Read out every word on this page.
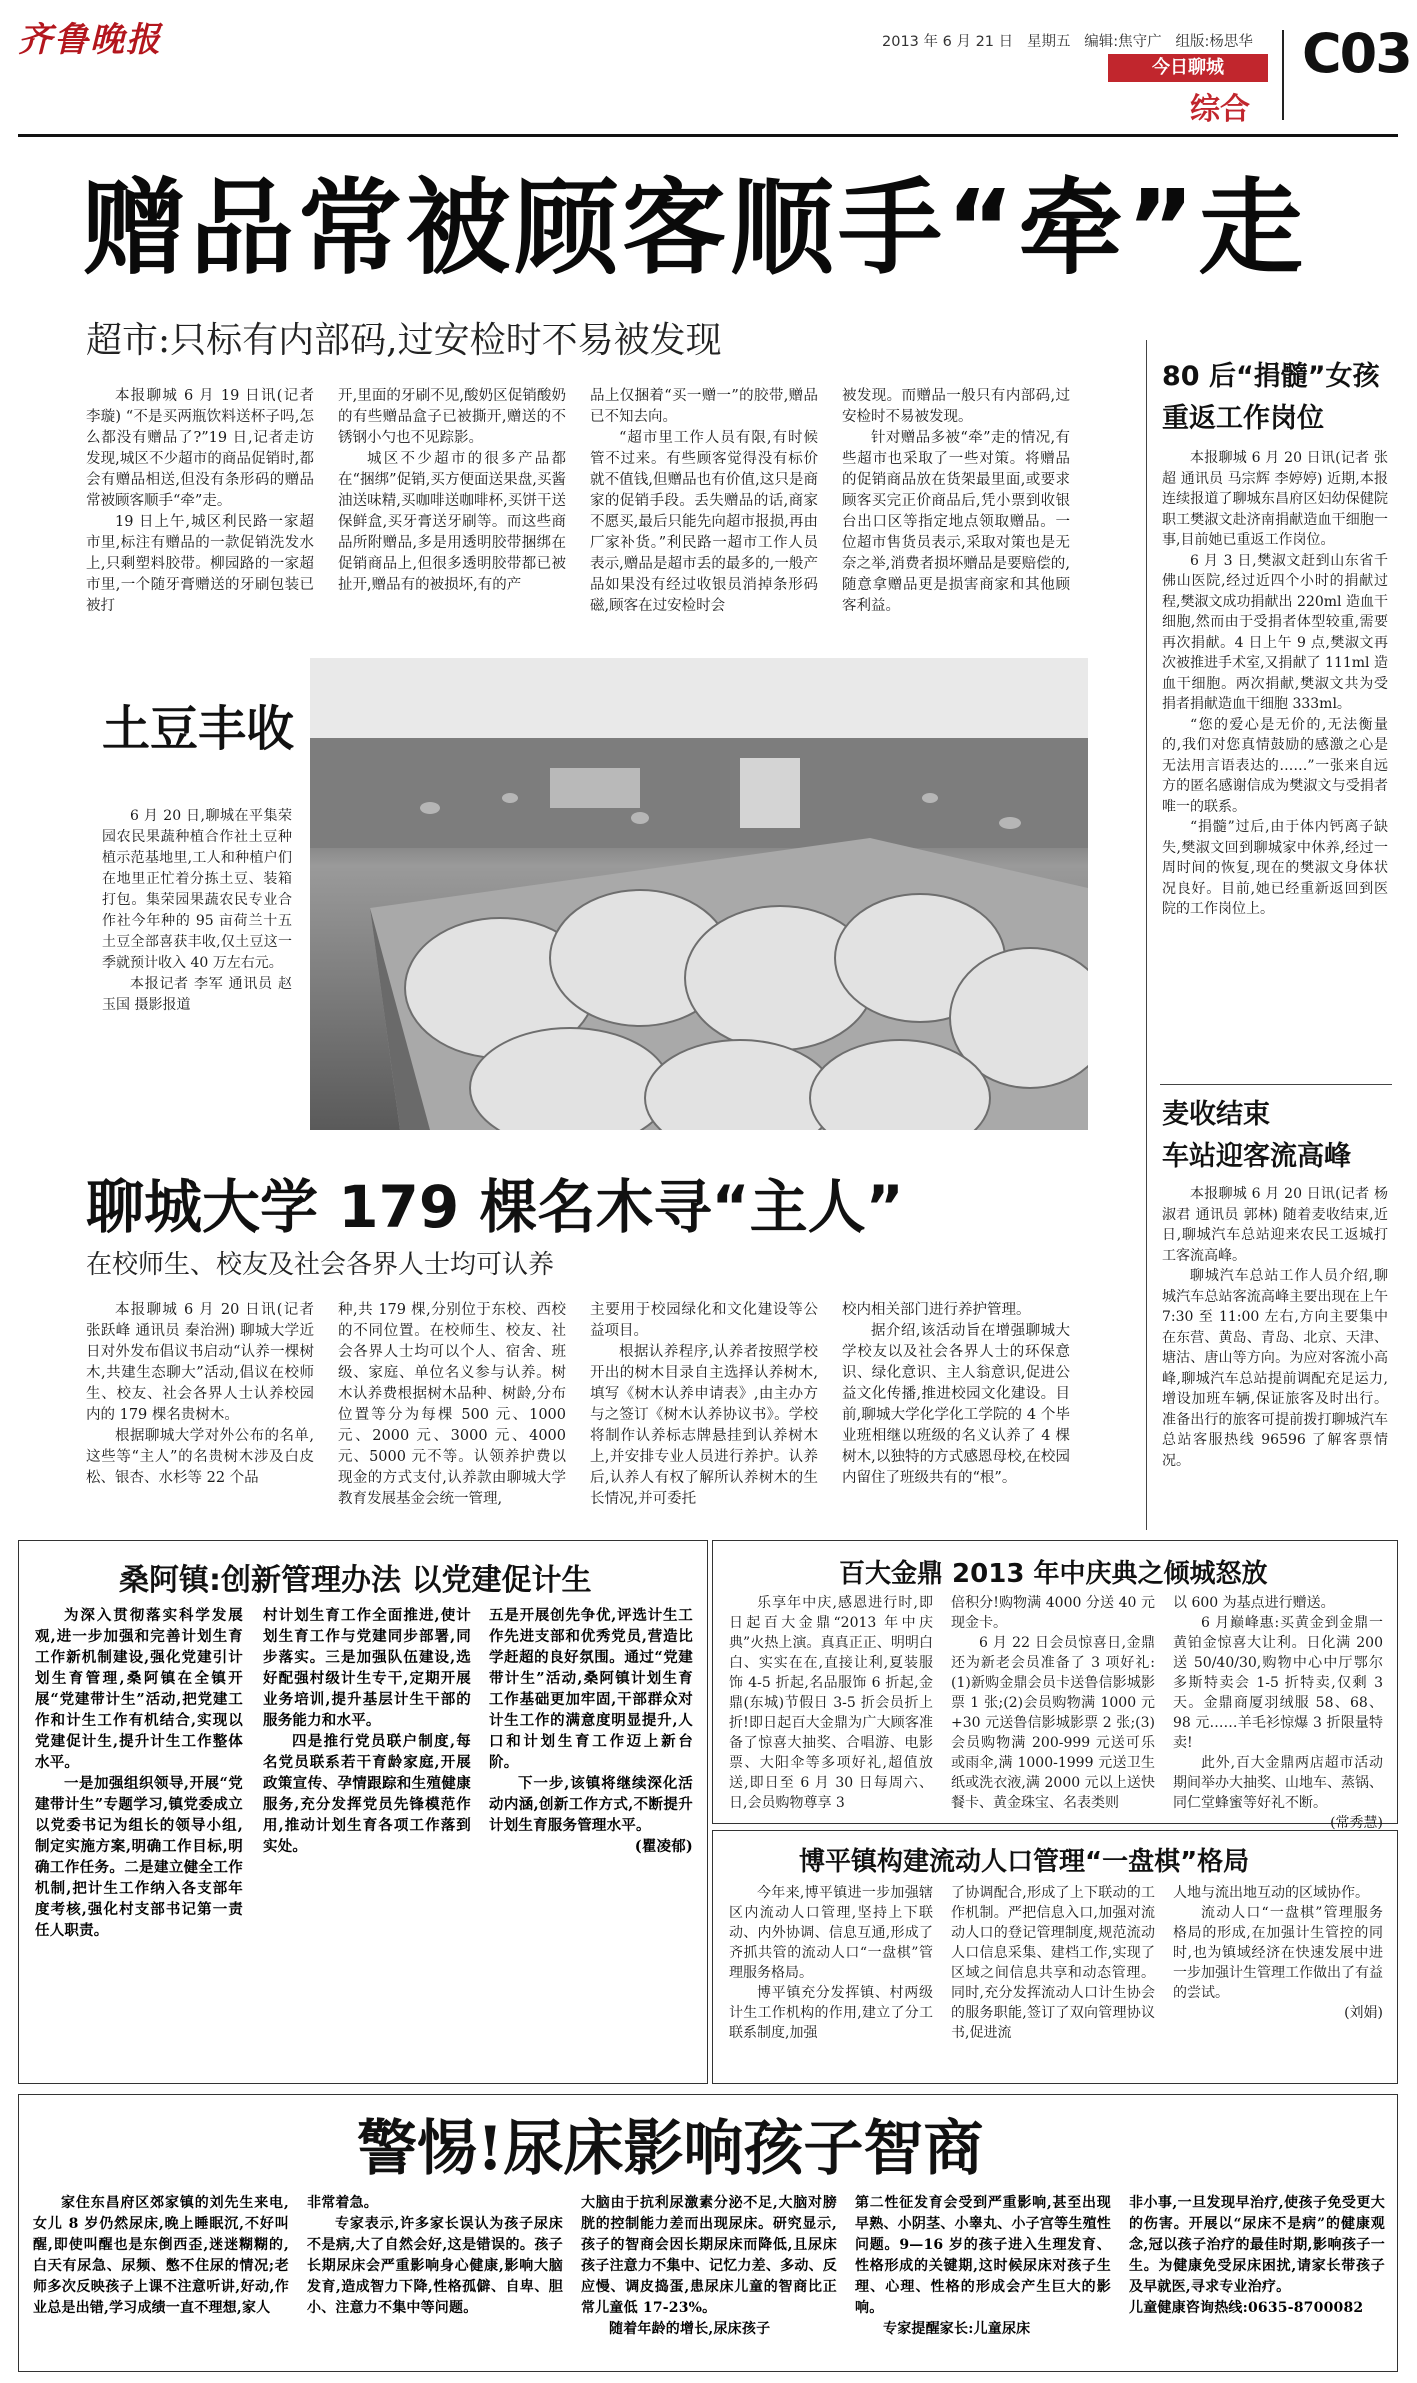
齐鲁晚报	2013 年 6 月 21 日 星期五 编辑:焦守广 组版:杨思华
今日聊城
综合
C03
赠品常被顾客顺手“牵”走
超市:只标有内部码,过安检时不易被发现

本报聊城 6 月 19 日讯(记者 李璇) “不是买两瓶饮料送杯子吗,怎么都没有赠品了?”19 日,记者走访发现,城区不少超市的商品促销时,都会有赠品相送,但没有条形码的赠品常被顾客顺手“牵”走。

19 日上午,城区利民路一家超市里,标注有赠品的一款促销洗发水上,只剩塑料胶带。柳园路的一家超市里,一个随牙膏赠送的牙刷包装已被打

开,里面的牙刷不见,酸奶区促销酸奶的有些赠品盒子已被撕开,赠送的不锈钢小勺也不见踪影。

城区不少超市的很多产品都在“捆绑”促销,买方便面送果盘,买酱油送味精,买咖啡送咖啡杯,买饼干送保鲜盒,买牙膏送牙刷等。而这些商品所附赠品,多是用透明胶带捆绑在促销商品上,但很多透明胶带都已被扯开,赠品有的被损坏,有的产

品上仅捆着“买一赠一”的胶带,赠品已不知去向。

“超市里工作人员有限,有时候管不过来。有些顾客觉得没有标价就不值钱,但赠品也有价值,这只是商家的促销手段。丢失赠品的话,商家不愿买,最后只能先向超市报损,再由厂家补货。”利民路一超市工作人员表示,赠品是超市丢的最多的,一般产品如果没有经过收银员消掉条形码磁,顾客在过安检时会

被发现。而赠品一般只有内部码,过安检时不易被发现。

针对赠品多被“牵”走的情况,有些超市也采取了一些对策。将赠品的促销商品放在货架最里面,或要求顾客买完正价商品后,凭小票到收银台出口区等指定地点领取赠品。一位超市售货员表示,采取对策也是无奈之举,消费者损坏赠品是要赔偿的,随意拿赠品更是损害商家和其他顾客利益。

土豆丰收

6 月 20 日,聊城在平集荣园农民果蔬种植合作社土豆种植示范基地里,工人和种植户们在地里正忙着分拣土豆、装箱打包。集荣园果蔬农民专业合作社今年种的 95 亩荷兰十五土豆全部喜获丰收,仅土豆这一季就预计收入 40 万左右元。

本报记者 李军 通讯员 赵玉国 摄影报道

聊城大学 179 棵名木寻“主人”
在校师生、校友及社会各界人士均可认养

本报聊城 6 月 20 日讯(记者 张跃峰 通讯员 秦治洲) 聊城大学近日对外发布倡议书启动“认养一棵树木,共建生态聊大”活动,倡议在校师生、校友、社会各界人士认养校园内的 179 棵名贵树木。

根据聊城大学对外公布的名单,这些等“主人”的名贵树木涉及白皮松、银杏、水杉等 22 个品

种,共 179 棵,分别位于东校、西校的不同位置。在校师生、校友、社会各界人士均可以个人、宿舍、班级、家庭、单位名义参与认养。树木认养费根据树木品种、树龄,分布位置等分为每棵 500 元、1000 元、2000 元、3000 元、4000 元、5000 元不等。认领养护费以现金的方式支付,认养款由聊城大学教育发展基金会统一管理,

主要用于校园绿化和文化建设等公益项目。

根据认养程序,认养者按照学校开出的树木目录自主选择认养树木,填写《树木认养申请表》,由主办方与之签订《树木认养协议书》。学校将制作认养标志牌悬挂到认养树木上,并安排专业人员进行养护。认养后,认养人有权了解所认养树木的生长情况,并可委托

校内相关部门进行养护管理。

据介绍,该活动旨在增强聊城大学校友以及社会各界人士的环保意识、绿化意识、主人翁意识,促进公益文化传播,推进校园文化建设。目前,聊城大学化学化工学院的 4 个毕业班相继以班级的名义认养了 4 棵树木,以独特的方式感恩母校,在校园内留住了班级共有的“根”。

80 后“捐髓”女孩
重返工作岗位

本报聊城 6 月 20 日讯(记者 张超 通讯员 马宗辉 李婷婷) 近期,本报连续报道了聊城东昌府区妇幼保健院职工樊淑文赴济南捐献造血干细胞一事,目前她已重返工作岗位。

6 月 3 日,樊淑文赶到山东省千佛山医院,经过近四个小时的捐献过程,樊淑文成功捐献出 220ml 造血干细胞,然而由于受捐者体型较重,需要再次捐献。4 日上午 9 点,樊淑文再次被推进手术室,又捐献了 111ml 造血干细胞。两次捐献,樊淑文共为受捐者捐献造血干细胞 333ml。

“您的爱心是无价的,无法衡量的,我们对您真情鼓励的感激之心是无法用言语表达的……”一张来自远方的匿名感谢信成为樊淑文与受捐者唯一的联系。

“捐髓”过后,由于体内钙离子缺失,樊淑文回到聊城家中休养,经过一周时间的恢复,现在的樊淑文身体状况良好。目前,她已经重新返回到医院的工作岗位上。

麦收结束
车站迎客流高峰

本报聊城 6 月 20 日讯(记者 杨淑君 通讯员 郭林) 随着麦收结束,近日,聊城汽车总站迎来农民工返城打工客流高峰。

聊城汽车总站工作人员介绍,聊城汽车总站客流高峰主要出现在上午 7:30 至 11:00 左右,方向主要集中在东营、黄岛、青岛、北京、天津、塘沽、唐山等方向。为应对客流小高峰,聊城汽车总站提前调配充足运力,增设加班车辆,保证旅客及时出行。准备出行的旅客可提前拨打聊城汽车总站客服热线 96596 了解客票情况。

桑阿镇:创新管理办法 以党建促计生

为深入贯彻落实科学发展观,进一步加强和完善计划生育工作新机制建设,强化党建引计划生育管理,桑阿镇在全镇开展“党建带计生”活动,把党建工作和计生工作有机结合,实现以党建促计生,提升计生工作整体水平。

一是加强组织领导,开展“党建带计生”专题学习,镇党委成立以党委书记为组长的领导小组,制定实施方案,明确工作目标,明确工作任务。二是建立健全工作机制,把计生工作纳入各支部年度考核,强化村支部书记第一责任人职责。

村计划生育工作全面推进,使计划生育工作与党建同步部署,同步落实。三是加强队伍建设,选好配强村级计生专干,定期开展业务培训,提升基层计生干部的服务能力和水平。

四是推行党员联户制度,每名党员联系若干育龄家庭,开展政策宣传、孕情跟踪和生殖健康服务,充分发挥党员先锋模范作用,推动计划生育各项工作落到实处。

五是开展创先争优,评选计生工作先进支部和优秀党员,营造比学赶超的良好氛围。通过“党建带计生”活动,桑阿镇计划生育工作基础更加牢固,干部群众对计生工作的满意度明显提升,人口和计划生育工作迈上新台阶。

下一步,该镇将继续深化活动内涵,创新工作方式,不断提升计划生育服务管理水平。

(瞿凌郁)

百大金鼎 2013 年中庆典之倾城怒放

乐享年中庆,感恩进行时,即日起百大金鼎“2013 年中庆典”火热上演。真真正正、明明白白、实实在在,直接让利,夏装服饰 4-5 折起,名品服饰 6 折起,金鼎(东城)节假日 3-5 折会员折上折!即日起百大金鼎为广大顾客准备了惊喜大抽奖、合唱游、电影票、大阳伞等多项好礼,超值放送,即日至 6 月 30 日每周六、日,会员购物尊享 3

倍积分!购物满 4000 分送 40 元现金卡。

6 月 22 日会员惊喜日,金鼎还为新老会员准备了 3 项好礼:(1)新购金鼎会员卡送鲁信影城影票 1 张;(2)会员购物满 1000 元+30 元送鲁信影城影票 2 张;(3)会员购物满 200-999 元送可乐或雨伞,满 1000-1999 元送卫生纸或洗衣液,满 2000 元以上送快餐卡、黄金珠宝、名表类则

以 600 为基点进行赠送。

6 月巅峰惠:买黄金到金鼎一黄铂金惊喜大让利。日化满 200 送 50/40/30,购物中心中厅鄂尔多斯特卖会 1-5 折特卖,仅剩 3 天。金鼎商厦羽绒服 58、68、98 元……羊毛衫惊爆 3 折限量特卖!

此外,百大金鼎两店超市活动期间举办大抽奖、山地车、蒸锅、同仁堂蜂蜜等好礼不断。

(常秀慧)

博平镇构建流动人口管理“一盘棋”格局

今年来,博平镇进一步加强辖区内流动人口管理,坚持上下联动、内外协调、信息互通,形成了齐抓共管的流动人口“一盘棋”管理服务格局。

博平镇充分发挥镇、村两级计生工作机构的作用,建立了分工联系制度,加强

了协调配合,形成了上下联动的工作机制。严把信息入口,加强对流动人口的登记管理制度,规范流动人口信息采集、建档工作,实现了区域之间信息共享和动态管理。同时,充分发挥流动人口计生协会的服务职能,签订了双向管理协议书,促进流

人地与流出地互动的区域协作。

流动人口“一盘棋”管理服务格局的形成,在加强计生管控的同时,也为镇域经济在快速发展中进一步加强计生管理工作做出了有益的尝试。

(刘娟)

警惕!尿床影响孩子智商

家住东昌府区郊家镇的刘先生来电,女儿 8 岁仍然尿床,晚上睡眠沉,不好叫醒,即使叫醒也是东倒西歪,迷迷糊糊的,白天有尿急、尿频、憋不住尿的情况;老师多次反映孩子上课不注意听讲,好动,作业总是出错,学习成绩一直不理想,家人

非常着急。

专家表示,许多家长误认为孩子尿床不是病,大了自然会好,这是错误的。孩子长期尿床会严重影响身心健康,影响大脑发育,造成智力下降,性格孤僻、自卑、胆小、注意力不集中等问题。

大脑由于抗利尿激素分泌不足,大脑对膀胱的控制能力差而出现尿床。研究显示,孩子的智商会因长期尿床而降低,且尿床孩子注意力不集中、记忆力差、多动、反应慢、调皮捣蛋,患尿床儿童的智商比正常儿童低 17-23%。

随着年龄的增长,尿床孩子

第二性征发育会受到严重影响,甚至出现早熟、小阴茎、小睾丸、小子宫等生殖性问题。9—16 岁的孩子进入生理发育、性格形成的关键期,这时候尿床对孩子生理、心理、性格的形成会产生巨大的影响。

专家提醒家长:儿童尿床

非小事,一旦发现早治疗,使孩子免受更大的伤害。开展以“尿床不是病”的健康观念,冠以孩子治疗的最佳时期,影响孩子一生。为健康免受尿床困扰,请家长带孩子及早就医,寻求专业治疗。

儿童健康咨询热线:0635-8700082
